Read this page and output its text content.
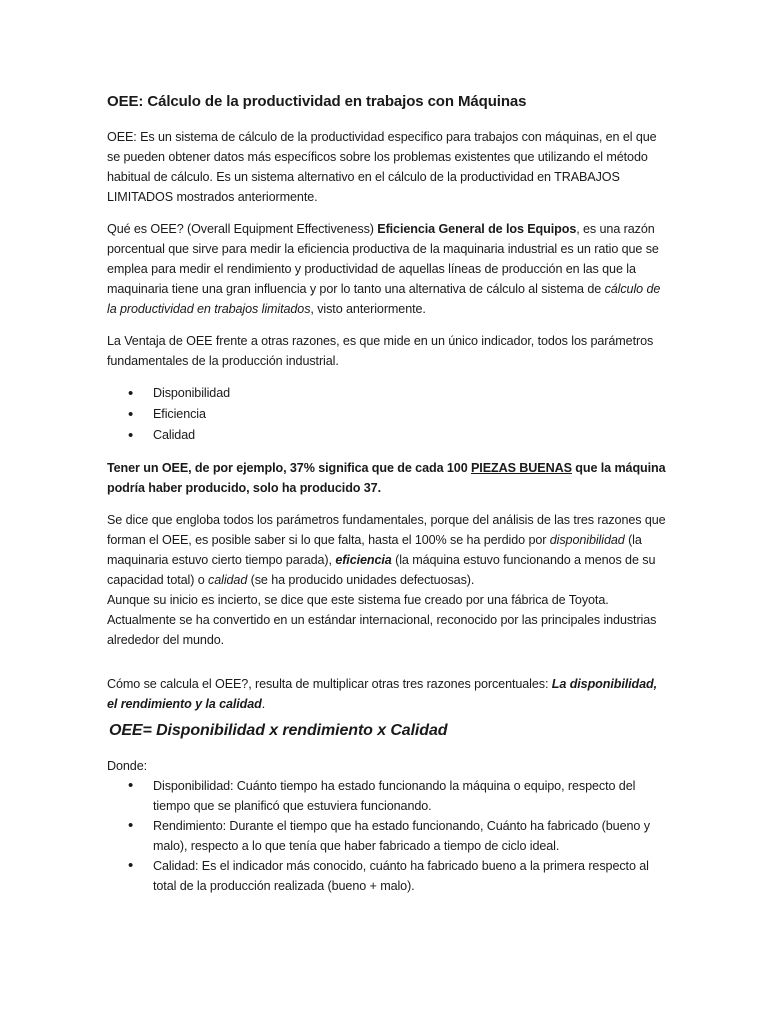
OEE: Cálculo de la productividad en trabajos con Máquinas

OEE: Es un sistema de cálculo de la productividad especifico para trabajos con máquinas, en el que se pueden obtener datos más específicos sobre los problemas existentes que utilizando el método habitual de cálculo. Es un sistema alternativo en el cálculo de la productividad en TRABAJOS LIMITADOS mostrados anteriormente.

Qué es OEE? (Overall Equipment Effectiveness) Eficiencia General de los Equipos, es una razón porcentual que sirve para medir la eficiencia productiva de la maquinaria industrial es un ratio que se emplea para medir el rendimiento y productividad de aquellas líneas de producción en las que la maquinaria tiene una gran influencia y por lo tanto una alternativa de cálculo al sistema de cálculo de la productividad en trabajos limitados, visto anteriormente.

La Ventaja de OEE frente a otras razones, es que mide en un único indicador, todos los parámetros fundamentales de la producción industrial.

• Disponibilidad
• Eficiencia
• Calidad

Tener un OEE, de por ejemplo, 37% significa que de cada 100 PIEZAS BUENAS que la máquina podría haber producido, solo ha producido 37.

Se dice que engloba todos los parámetros fundamentales, porque del análisis de las tres razones que forman el OEE, es posible saber si lo que falta, hasta el 100% se ha perdido por disponibilidad (la maquinaria estuvo cierto tiempo parada), eficiencia (la máquina estuvo funcionando a menos de su capacidad total) o calidad (se ha producido unidades defectuosas).

Aunque su inicio es incierto, se dice que este sistema fue creado por una fábrica de Toyota.

Actualmente se ha convertido en un estándar internacional, reconocido por las principales industrias alrededor del mundo.

Cómo se calcula el OEE?, resulta de multiplicar otras tres razones porcentuales: La disponibilidad, el rendimiento y la calidad.

OEE= Disponibilidad x rendimiento x Calidad

Donde:

• Disponibilidad: Cuánto tiempo ha estado funcionando la máquina o equipo, respecto del tiempo que se planificó que estuviera funcionando.
• Rendimiento: Durante el tiempo que ha estado funcionando, Cuánto ha fabricado (bueno y malo), respecto a lo que tenía que haber fabricado a tiempo de ciclo ideal.
• Calidad: Es el indicador más conocido, cuánto ha fabricado bueno a la primera respecto al total de la producción realizada (bueno + malo).
